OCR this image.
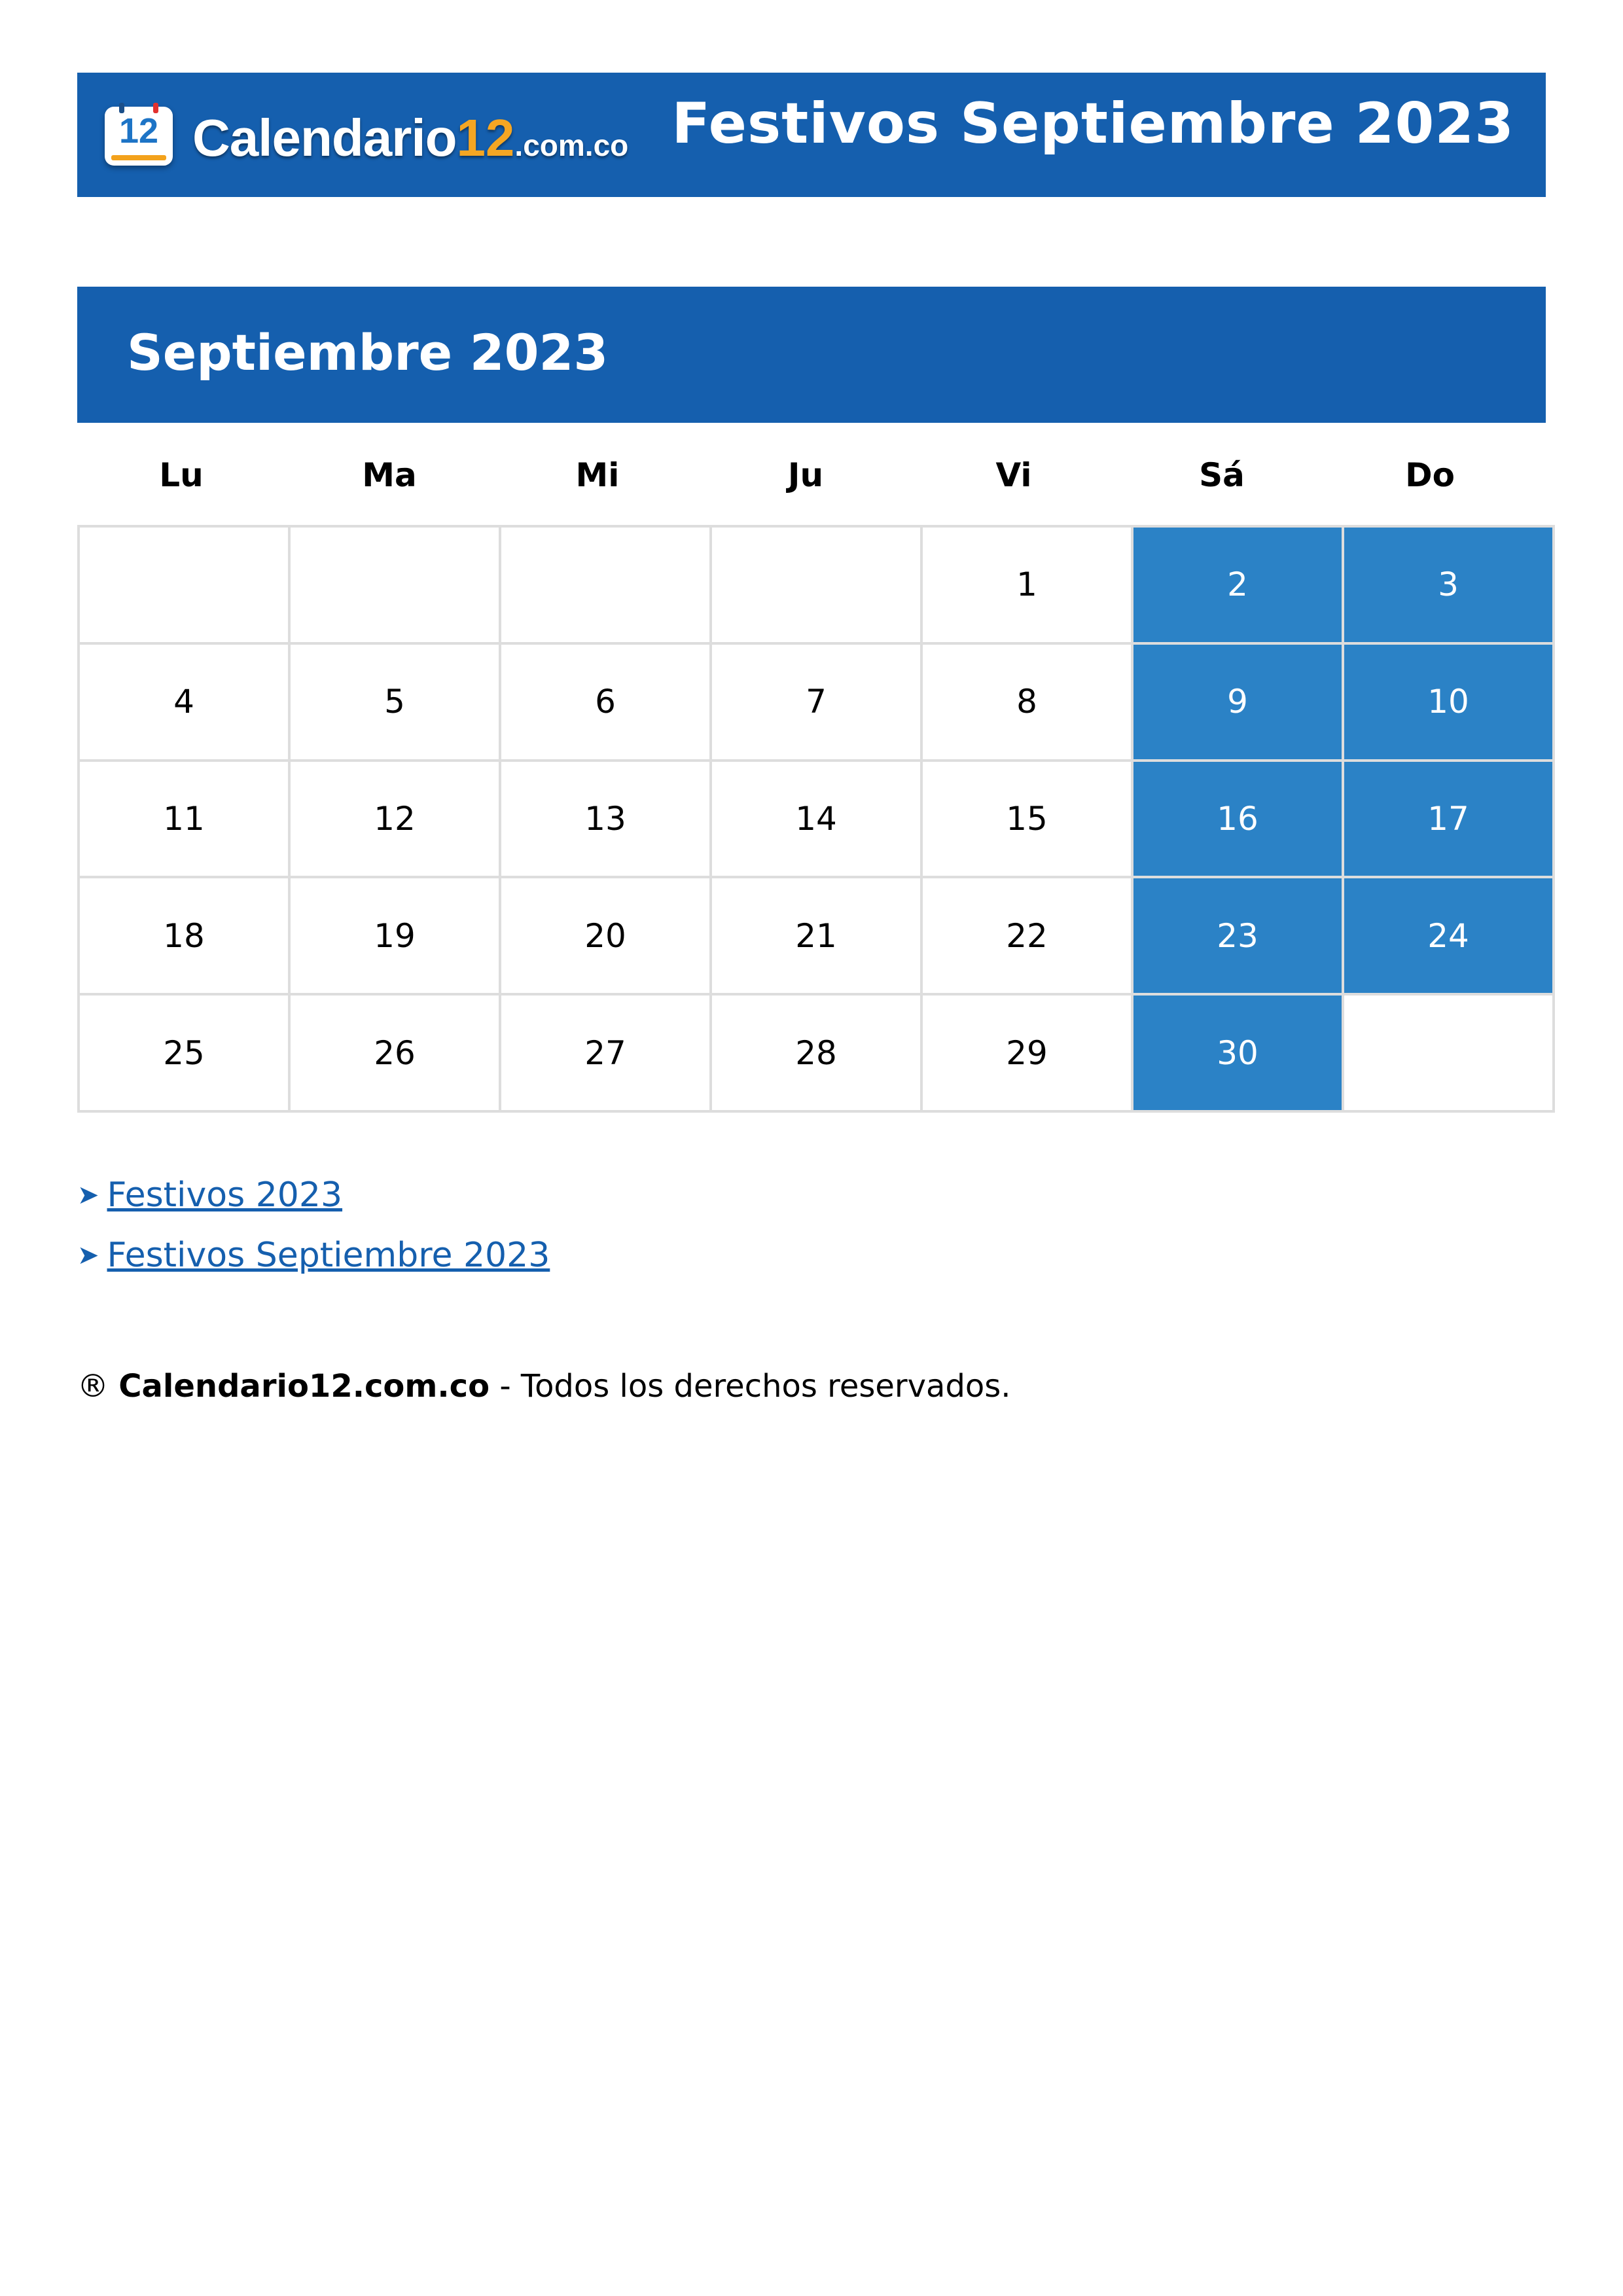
12 Calendario12.com.co Festivos Septiembre 2023
Septiembre 2023
Lu	Ma	Mi	Ju	Vi	Sá	Do
				1	2	3
4	5	6	7	8	9	10
11	12	13	14	15	16	17
18	19	20	21	22	23	24
25	26	27	28	29	30	
➤ Festivos 2023
➤ Festivos Septiembre 2023
® Calendario12.com.co - Todos los derechos reservados.
